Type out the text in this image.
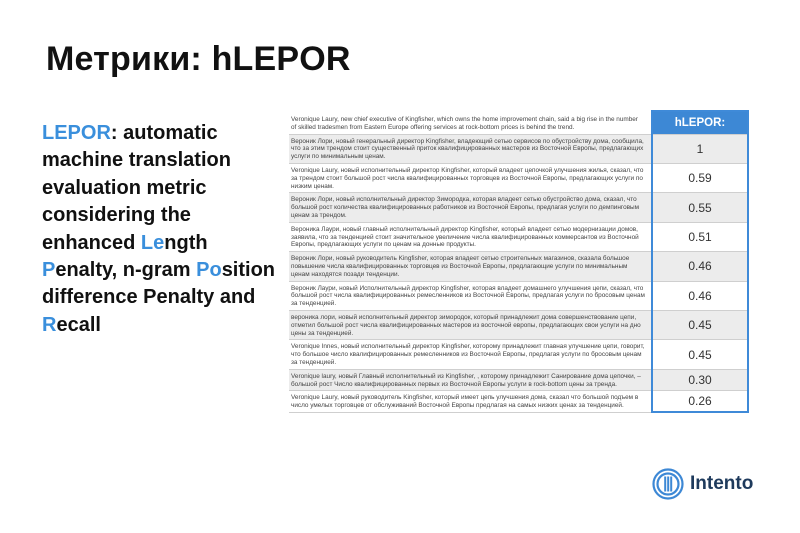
Метрики: hLEPOR
LEPOR: automatic machine translation evaluation metric considering the enhanced Length Penalty, n-gram Position difference Penalty and Recall
Veronique Laury, new chief executive of Kingfisher, which owns the home improvement chain, said a big rise in the number of skilled tradesmen from Eastern Europe offering services at rock-bottom prices is behind the trend.	hLEPOR:
Вероник Лори, новый генеральный директор Kingfisher, владеющий сетью сервисов по обустройству дома, сообщила, что за этим трендом стоит существенный приток квалифицированных мастеров из Восточной Европы, предлагающих услуги по минимальным ценам.	1
Veronique Laury, новый исполнительный директор Kingfisher, который владеет цепочкой улучшения жилья, сказал, что за трендом стоит большой рост числа квалифицированных торговцев из Восточной Европы, предлагающих услуги по низким ценам.	0.59
Вероник Лори, новый исполнительный директор Зимородка, которая владеет сетью обустройство дома, сказал, что большой рост количества квалифицированных работников из Восточной Европы, предлагая услуги по демпинговым ценам за трендом.	0.55
Вероника Лаури, новый главный исполнительный директор Kingfisher, который владеет сетью модернизации домов, заявила, что за тенденцией стоит значительное увеличение числа квалифицированных коммерсантов из Восточной Европы, предлагающих услуги по ценам на донные продукты.	0.51
Вероник Лори, новый руководитель Kingfisher, которая владеет сетью строительных магазинов, сказала большое повышение числа квалифицированных торговцев из Восточной Европы, предлагающие услуги по минимальным ценам находятся позади тенденции.	0.46
Вероник Лаури, новый Исполнительный директор Kingfisher, которая владеет домашнего улучшения цепи, сказал, что большой рост числа квалифицированных ремесленников из Восточной Европы, предлагая услуги по бросовым ценам за тенденцией.	0.46
вероника лори, новый исполнительный директор зимородок, который принадлежит дома совершенствование цепи, отметил большой рост числа квалифицированных мастеров из восточной европы, предлагающих свои услуги на дно цены за тенденцией.	0.45
Veronique Innes, новый исполнительный директор Kingfisher, которому принадлежит главная улучшение цепи, говорит, что большое число квалифицированных ремесленников из Восточной Европы, предлагая услуги по бросовым ценам за тенденцией.	0.45
Veronique laury, новый Главный исполнительный из Kingfisher, , которому принадлежит Санирование дома цепочки, – большой рост Число квалифицированных первых из Восточной Европы услуги в rock-bottom цены за тренда.	0.30
Veronique Laury, новый руководитель Kingfisher, который имеет цепь улучшения дома, сказал что большой подъем в число умелых торговцев от обслуживаний Восточной Европы предлагая на самых низких ценах за тенденцией.	0.26
Intento
